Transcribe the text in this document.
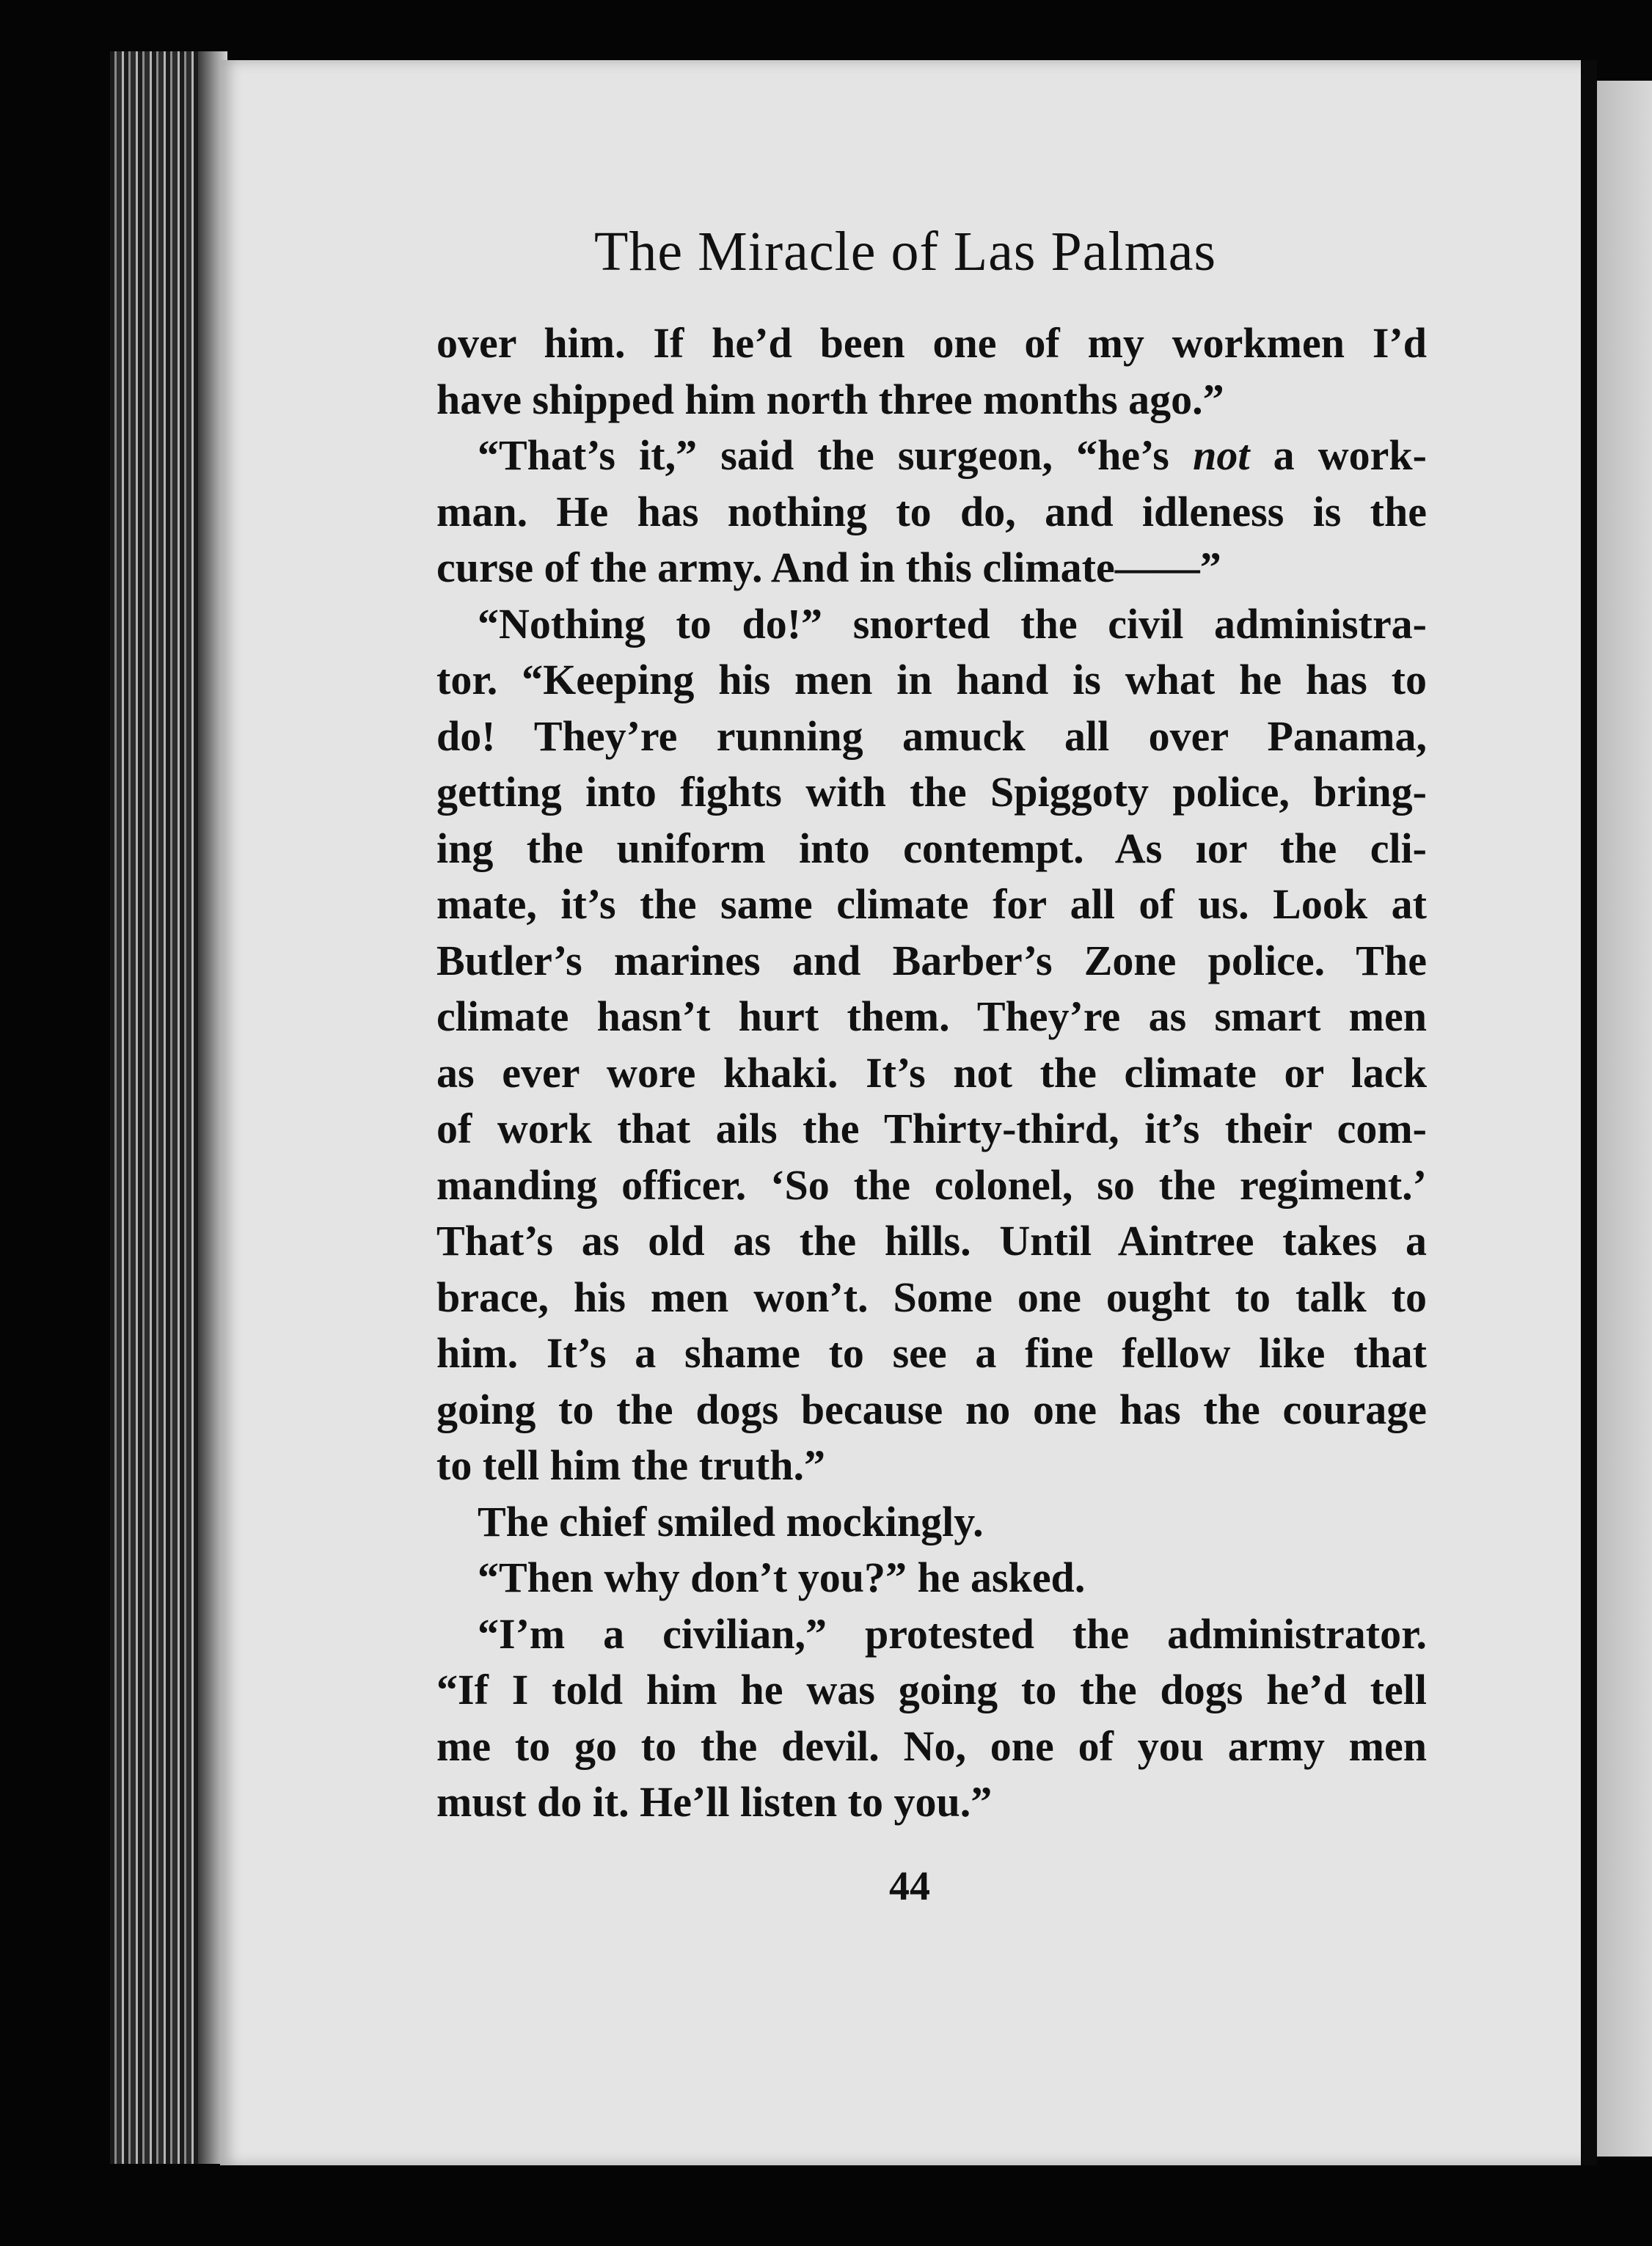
The Miracle of Las Palmas
over him. If he’d been one of my workmen I’d
have shipped him north three months ago.”
“That’s it,” said the surgeon, “he’s not a work-
man. He has nothing to do, and idleness is the
curse of the army. And in this climate——”
“Nothing to do!” snorted the civil administra-
tor. “Keeping his men in hand is what he has to
do! They’re running amuck all over Panama,
getting into fights with the Spiggoty police, bring-
ing the uniform into contempt. As ıor the cli-
mate, it’s the same climate for all of us. Look at
Butler’s marines and Barber’s Zone police. The
climate hasn’t hurt them. They’re as smart men
as ever wore khaki. It’s not the climate or lack
of work that ails the Thirty-third, it’s their com-
manding officer. ‘So the colonel, so the regiment.’
That’s as old as the hills. Until Aintree takes a
brace, his men won’t. Some one ought to talk to
him. It’s a shame to see a fine fellow like that
going to the dogs because no one has the courage
to tell him the truth.”
The chief smiled mockingly.
“Then why don’t you?” he asked.
“I’m a civilian,” protested the administrator.
“If I told him he was going to the dogs he’d tell
me to go to the devil. No, one of you army men
must do it. He’ll listen to you.”
44
